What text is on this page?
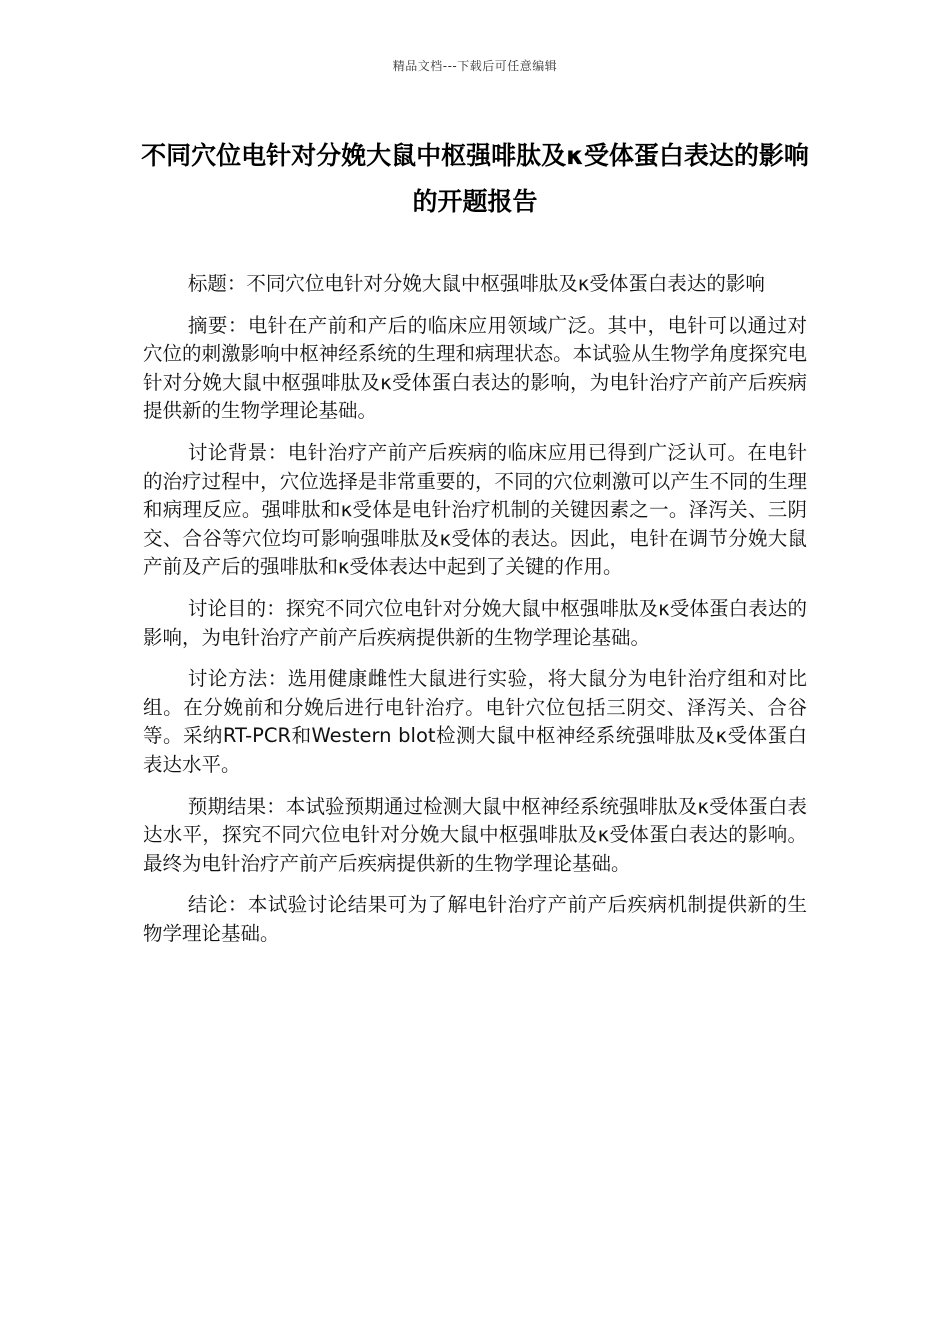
精品文档---下载后可任意编辑
不同穴位电针对分娩大鼠中枢强啡肽及κ受体蛋白表达的影响的开题报告

标题：不同穴位电针对分娩大鼠中枢强啡肽及κ受体蛋白表达的影响

摘要：电针在产前和产后的临床应用领域广泛。其中，电针可以通过对穴位的刺激影响中枢神经系统的生理和病理状态。本试验从生物学角度探究电针对分娩大鼠中枢强啡肽及κ受体蛋白表达的影响，为电针治疗产前产后疾病提供新的生物学理论基础。

讨论背景：电针治疗产前产后疾病的临床应用已得到广泛认可。在电针的治疗过程中，穴位选择是非常重要的，不同的穴位刺激可以产生不同的生理和病理反应。强啡肽和κ受体是电针治疗机制的关键因素之一。泽泻关、三阴交、合谷等穴位均可影响强啡肽及κ受体的表达。因此，电针在调节分娩大鼠产前及产后的强啡肽和κ受体表达中起到了关键的作用。

讨论目的：探究不同穴位电针对分娩大鼠中枢强啡肽及κ受体蛋白表达的影响，为电针治疗产前产后疾病提供新的生物学理论基础。

讨论方法：选用健康雌性大鼠进行实验，将大鼠分为电针治疗组和对比组。在分娩前和分娩后进行电针治疗。电针穴位包括三阴交、泽泻关、合谷等。采纳RT-PCR和Western blot检测大鼠中枢神经系统强啡肽及κ受体蛋白表达水平。

预期结果：本试验预期通过检测大鼠中枢神经系统强啡肽及κ受体蛋白表达水平，探究不同穴位电针对分娩大鼠中枢强啡肽及κ受体蛋白表达的影响。最终为电针治疗产前产后疾病提供新的生物学理论基础。

结论：本试验讨论结果可为了解电针治疗产前产后疾病机制提供新的生物学理论基础。
